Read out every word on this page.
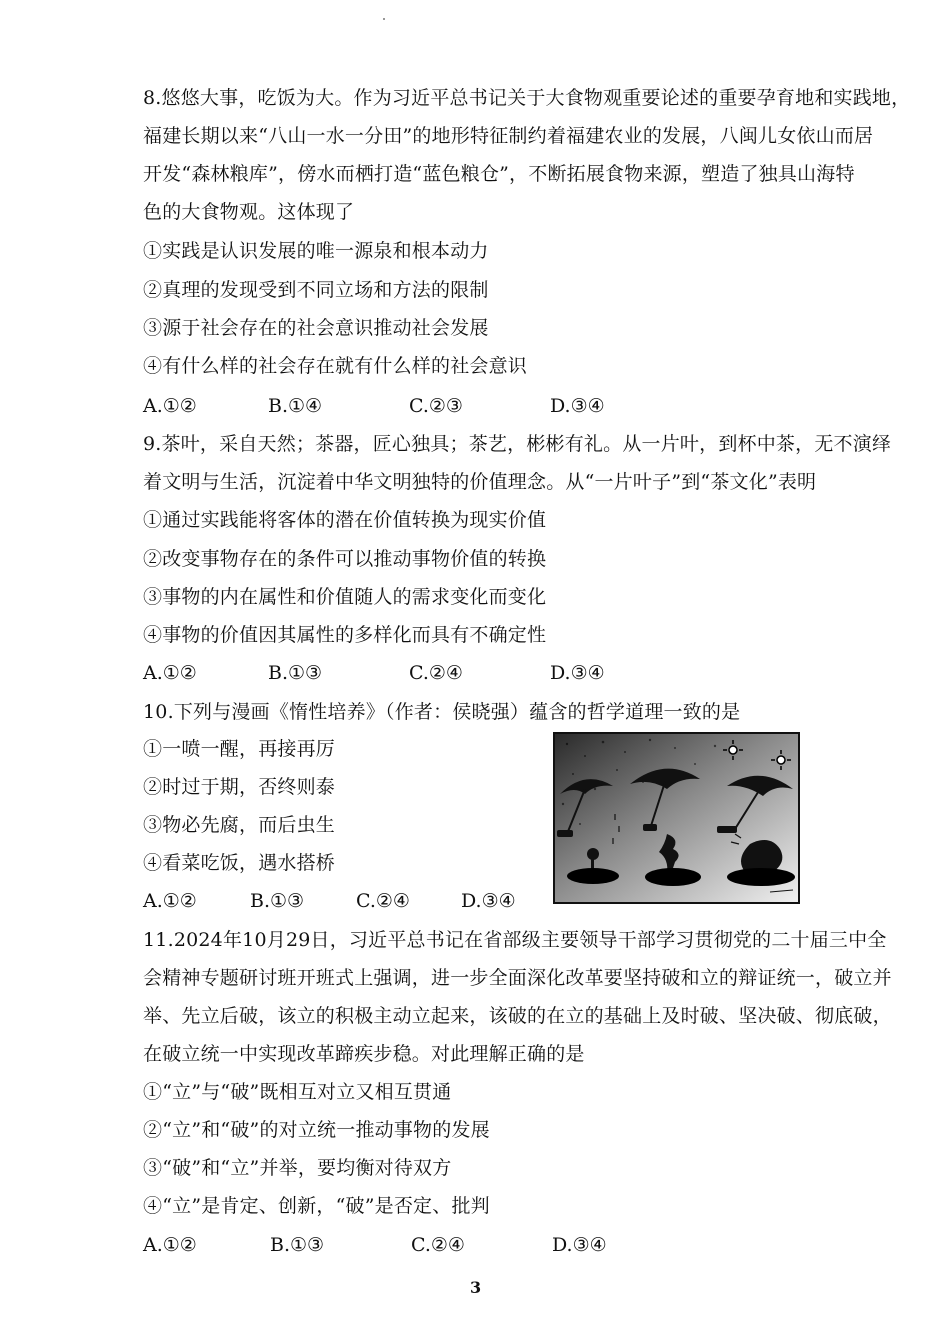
8.悠悠大事，吃饭为大。作为习近平总书记关于大食物观重要论述的重要孕育地和实践地，
福建长期以来“八山一水一分田”的地形特征制约着福建农业的发展，八闽儿女依山而居
开发“森林粮库”，傍水而栖打造“蓝色粮仓”，不断拓展食物来源，塑造了独具山海特
色的大食物观。这体现了
①实践是认识发展的唯一源泉和根本动力
②真理的发现受到不同立场和方法的限制
③源于社会存在的社会意识推动社会发展
④有什么样的社会存在就有什么样的社会意识
A.①②	B.①④	C.②③	D.③④
9.茶叶，采自天然；茶器，匠心独具；茶艺，彬彬有礼。从一片叶，到杯中茶，无不演绎
着文明与生活，沉淀着中华文明独特的价值理念。从“一片叶子”到“茶文化”表明
①通过实践能将客体的潜在价值转换为现实价值
②改变事物存在的条件可以推动事物价值的转换
③事物的内在属性和价值随人的需求变化而变化
④事物的价值因其属性的多样化而具有不确定性
A.①②	B.①③	C.②④	D.③④
10.下列与漫画《惰性培养》（作者：侯晓强）蕴含的哲学道理一致的是
①一喷一醒，再接再厉
②时过于期，否终则泰
③物必先腐，而后虫生
④看菜吃饭，遇水搭桥
A.①②	B.①③	C.②④	D.③④
11.2024年10月29日，习近平总书记在省部级主要领导干部学习贯彻党的二十届三中全
会精神专题研讨班开班式上强调，进一步全面深化改革要坚持破和立的辩证统一，破立并
举、先立后破，该立的积极主动立起来，该破的在立的基础上及时破、坚决破、彻底破，
在破立统一中实现改革蹄疾步稳。对此理解正确的是
①“立”与“破”既相互对立又相互贯通
②“立”和“破”的对立统一推动事物的发展
③“破”和“立”并举，要均衡对待双方
④“立”是肯定、创新，“破”是否定、批判
A.①②	B.①③	C.②④	D.③④
3
